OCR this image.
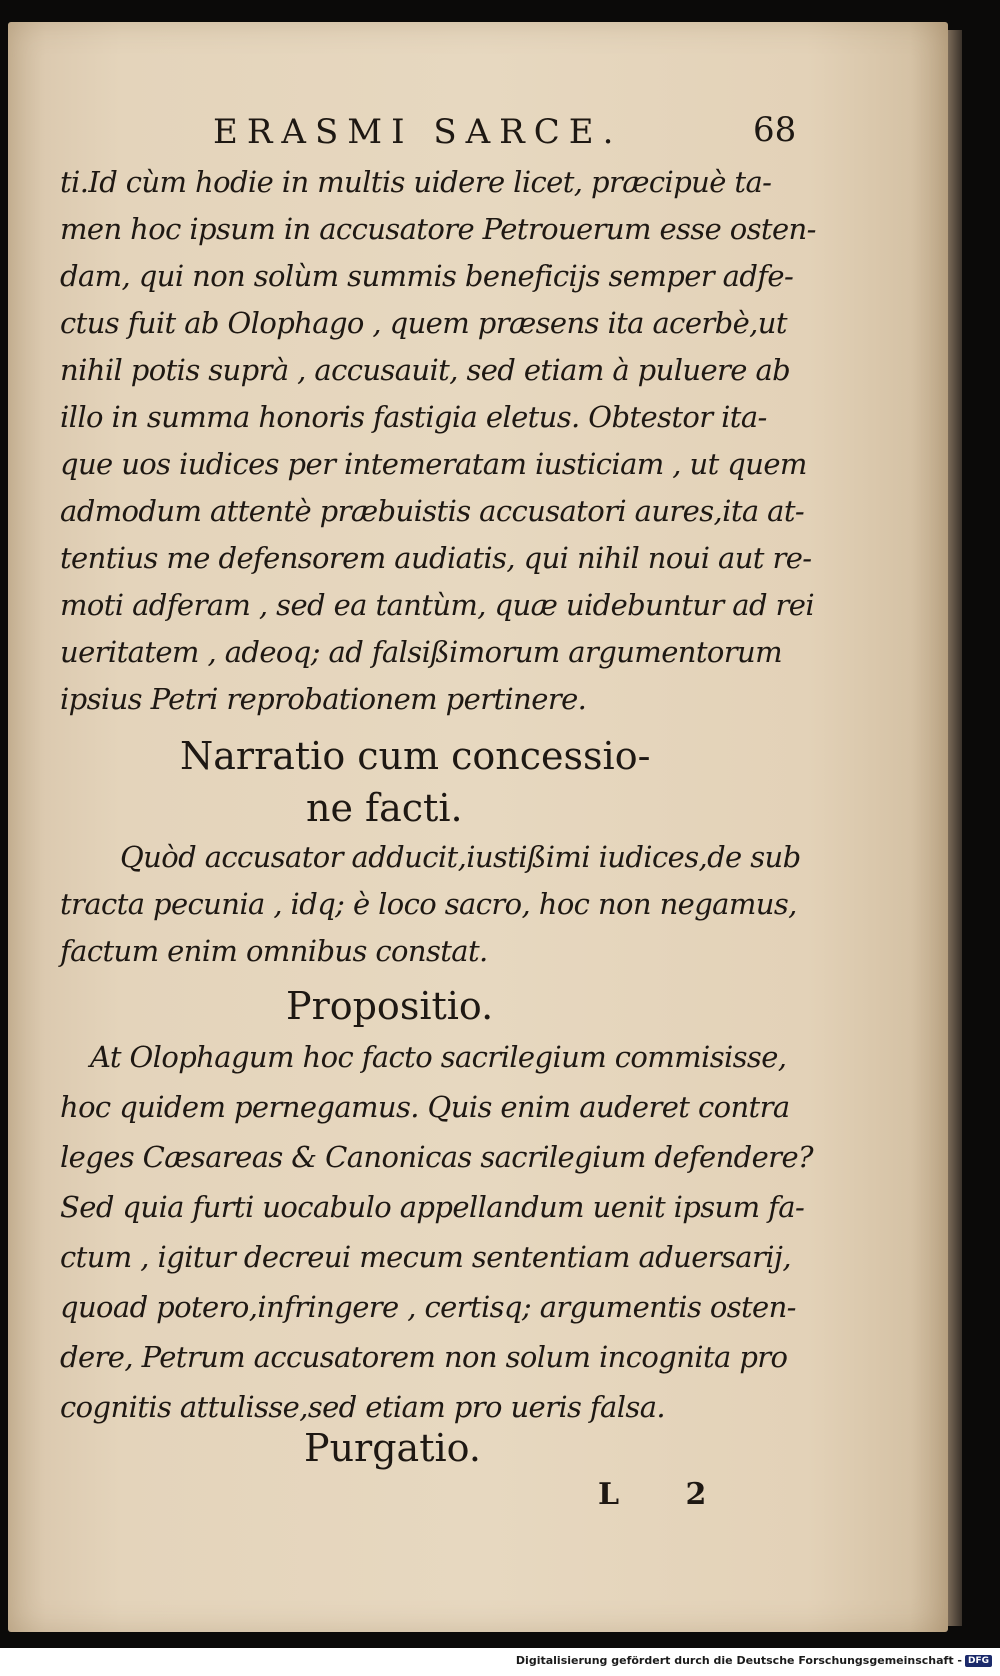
ERASMI SARCE.	68
ti.Id cùm hodie in multis uidere licet, præcipuè ta-
men hoc ipsum in accusatore Petrouerum esse osten-
dam, qui non solùm summis beneficijs semper adfe-
ctus fuit ab Olophago , quem præsens ita acerbè,ut
nihil potis suprà , accusauit, sed etiam à puluere ab
illo in summa honoris fastigia eletus. Obtestor ita-
que uos iudices per intemeratam iusticiam , ut quem
admodum attentè præbuistis accusatori aures,ita at-
tentius me defensorem audiatis, qui nihil noui aut re-
moti adferam , sed ea tantùm, quæ uidebuntur ad rei
ueritatem , adeoq; ad falsißimorum argumentorum
ipsius Petri reprobationem pertinere.
Narratio cum concessio-
ne facti.
Quòd accusator adducit,iustißimi iudices,de sub
tracta pecunia , idq; è loco sacro, hoc non negamus,
factum enim omnibus constat.
Propositio.
At Olophagum hoc facto sacrilegium commisisse,
hoc quidem pernegamus. Quis enim auderet contra
leges Cæsareas & Canonicas sacrilegium defendere?
Sed quia furti uocabulo appellandum uenit ipsum fa-
ctum , igitur decreui mecum sententiam aduersarij,
quoad potero,infringere , certisq; argumentis osten-
dere, Petrum accusatorem non solum incognita pro
cognitis attulisse,sed etiam pro ueris falsa.
Purgatio.
L 2
Digitalisierung gefördert durch die Deutsche Forschungsgemeinschaft - DFG
